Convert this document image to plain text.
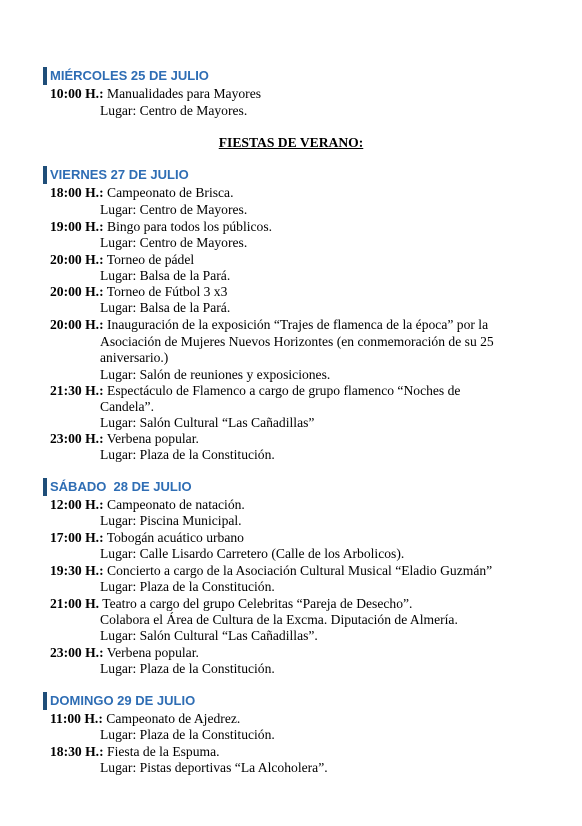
MIÉRCOLES 25 DE JULIO
10:00 H.: Manualidades para Mayores
Lugar: Centro de Mayores.
FIESTAS DE VERANO:
VIERNES 27 DE JULIO
18:00 H.: Campeonato de Brisca.
Lugar: Centro de Mayores.
19:00 H.: Bingo para todos los públicos.
Lugar: Centro de Mayores.
20:00 H.: Torneo de pádel
Lugar: Balsa de la Pará.
20:00 H.: Torneo de Fútbol 3 x3
Lugar: Balsa de la Pará.
20:00 H.: Inauguración de la exposición “Trajes de flamenca de la época” por la
Asociación de Mujeres Nuevos Horizontes (en conmemoración de su 25
aniversario.)
Lugar: Salón de reuniones y exposiciones.
21:30 H.: Espectáculo de Flamenco a cargo de grupo flamenco “Noches de
Candela”.
Lugar: Salón Cultural “Las Cañadillas”
23:00 H.: Verbena popular.
Lugar: Plaza de la Constitución.
SÁBADO  28 DE JULIO
12:00 H.: Campeonato de natación.
Lugar: Piscina Municipal.
17:00 H.: Tobogán acuático urbano
Lugar: Calle Lisardo Carretero (Calle de los Arbolicos).
19:30 H.: Concierto a cargo de la Asociación Cultural Musical “Eladio Guzmán”
Lugar: Plaza de la Constitución.
21:00 H. Teatro a cargo del grupo Celebritas “Pareja de Desecho”.
Colabora el Área de Cultura de la Excma. Diputación de Almería.
Lugar: Salón Cultural “Las Cañadillas”.
23:00 H.: Verbena popular.
Lugar: Plaza de la Constitución.
DOMINGO 29 DE JULIO
11:00 H.: Campeonato de Ajedrez.
Lugar: Plaza de la Constitución.
18:30 H.: Fiesta de la Espuma.
Lugar: Pistas deportivas “La Alcoholera”.
